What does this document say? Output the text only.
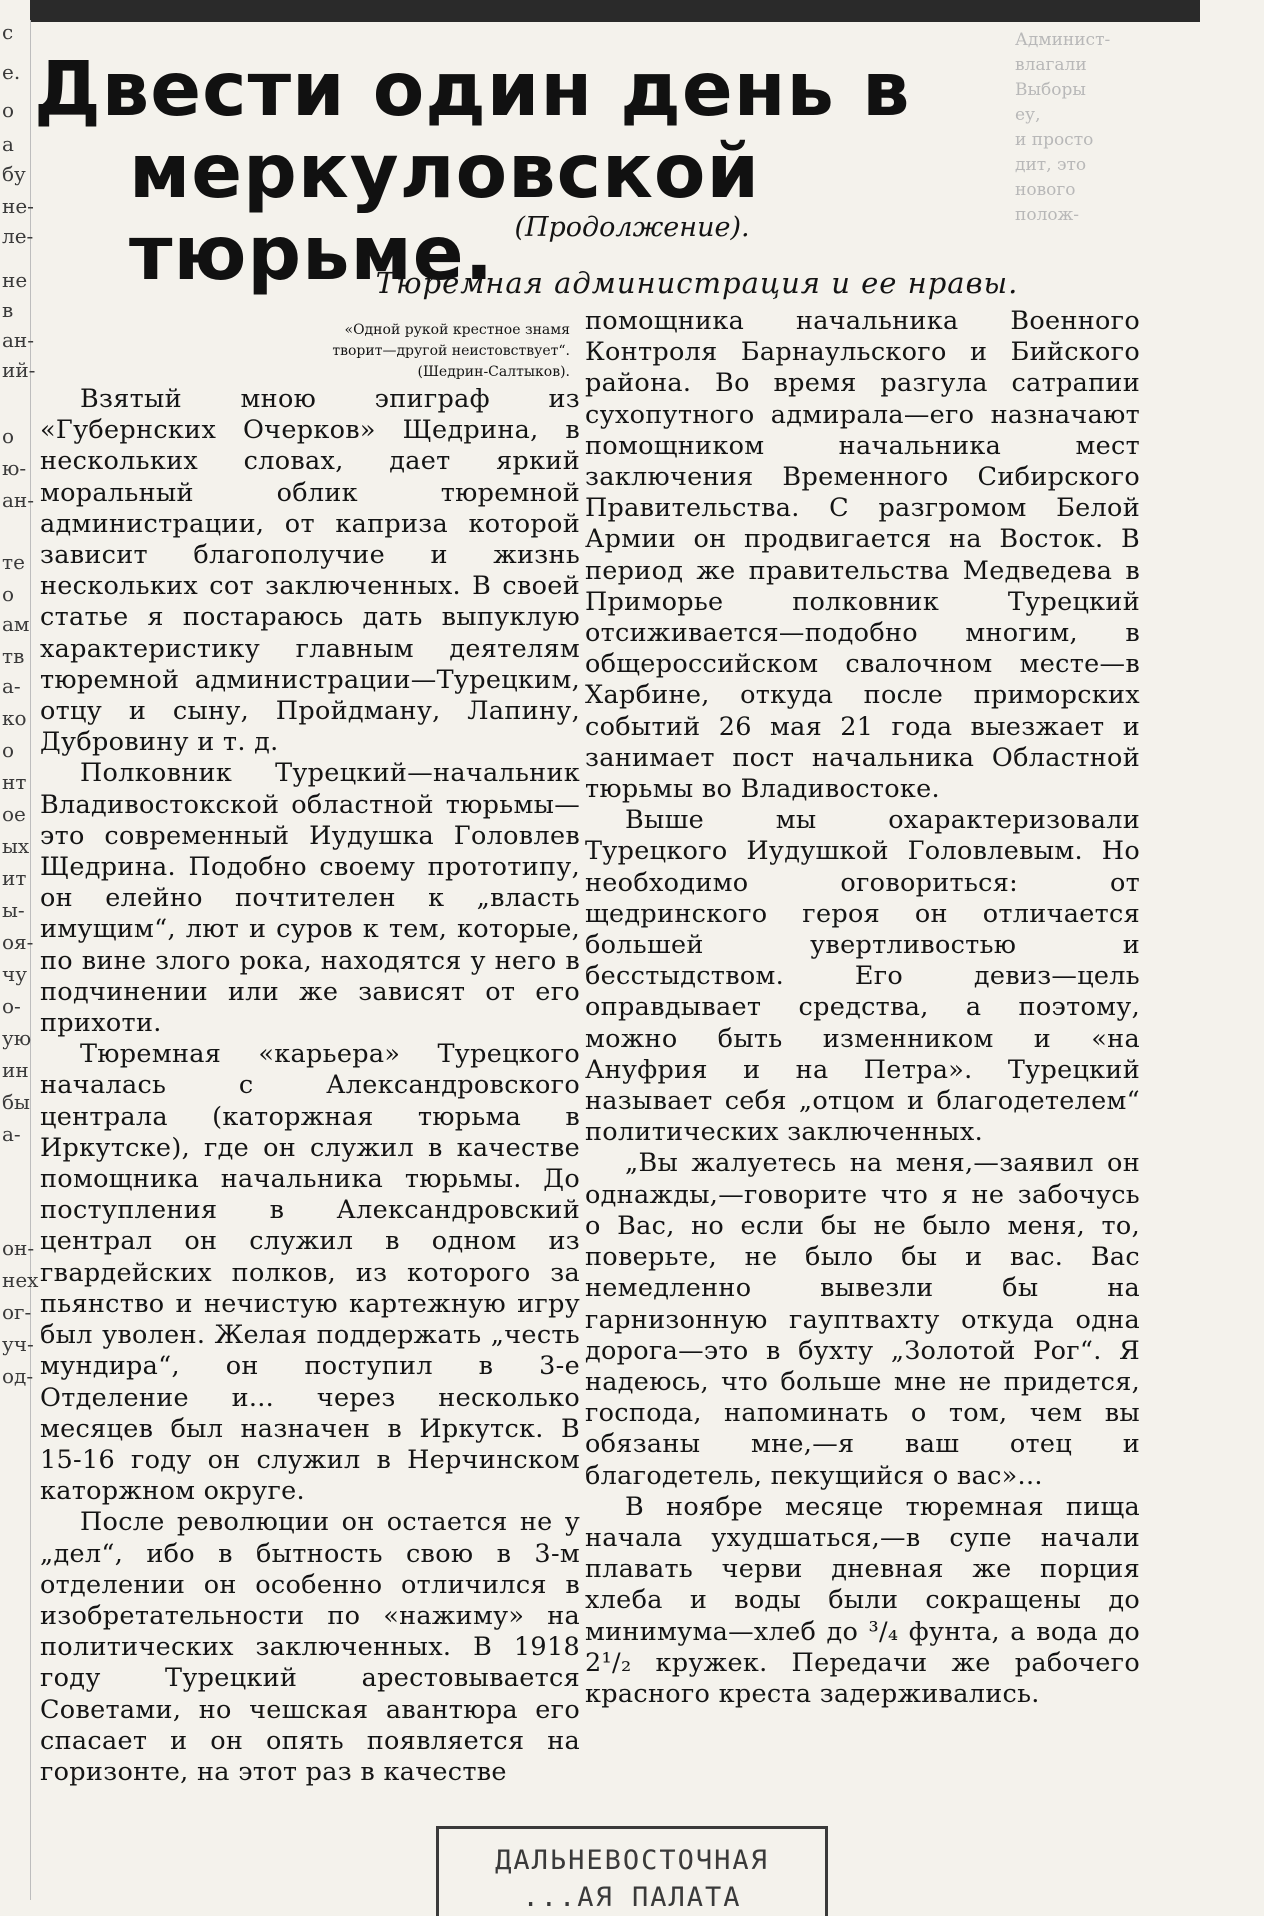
с
е.
о
а
бу
не-
ле-
не
в
ан-
ий-
о
ю-
ан-
те
о
ам
тв
а-
ко
о
нт
ое
ых
ит
ы-
оя-
чу
о-
ую
ин
бы
а-
он-
нех
ог-
уч-
од-
Админист-
влагали
Выборы
еу,
и просто
дит, это
нового
полож-
Двести один день в
меркуловской тюрьме. (Продолжение).
Тюремная администрация и ее нравы.
«Одной рукой крестное знамя
творит—другой неистовствует“.
(Шедрин-Салтыков).

Взятый мною эпиграф из «Губернских Очерков» Щедрина, в нескольких словах, дает яркий моральный облик тюремной администрации, от каприза которой зависит благополучие и жизнь нескольких сот заключенных. В своей статье я постараюсь дать выпуклую характеристику главным деятелям тюремной администрации—Турецким, отцу и сыну, Пройдману, Лапину, Дубровину и т. д.

Полковник Турецкий—начальник Владивостокской областной тюрьмы—это современный Иудушка Головлев Щедрина. Подобно своему прототипу, он елейно почтителен к „власть имущим“, лют и суров к тем, которые, по вине злого рока, находятся у него в подчинении или же зависят от его прихоти.

Тюремная «карьера» Турецкого началась с Александровского централа (каторжная тюрьма в Иркутске), где он служил в качестве помощника начальника тюрьмы. До поступления в Александровский централ он служил в одном из гвардейских полков, из которого за пьянство и нечистую картежную игру был уволен. Желая поддержать „честь мундира“, он поступил в 3-е Отделение и... через несколько месяцев был назначен в Иркутск. В 15-16 году он служил в Нерчинском каторжном округе.

После революции он остается не у „дел“, ибо в бытность свою в 3-м отделении он особенно отличился в изобретательности по «нажиму» на политических заключенных. В 1918 году Турецкий арестовывается Советами, но чешская авантюра его спасает и он опять появляется на горизонте, на этот раз в качестве

помощника начальника Военного Контроля Барнаульского и Бийского района. Во время разгула сатрапии сухопутного адмирала—его назначают помощником начальника мест заключения Временного Сибирского Правительства. С разгромом Белой Армии он продвигается на Восток. В период же правительства Медведева в Приморье полковник Турецкий отсиживается—подобно многим, в общероссийском свалочном месте—в Харбине, откуда после приморских событий 26 мая 21 года выезжает и занимает пост начальника Областной тюрьмы во Владивостоке.

Выше мы охарактеризовали Турецкого Иудушкой Головлевым. Но необходимо оговориться: от щедринского героя он отличается большей увертливостью и бесстыдством. Его девиз—цель оправдывает средства, а поэтому, можно быть изменником и «на Ануфрия и на Петра». Турецкий называет себя „отцом и благодетелем“ политических заключенных.

„Вы жалуетесь на меня,—заявил он однажды,—говорите что я не забочусь о Вас, но если бы не было меня, то, поверьте, не было бы и вас. Вас немедленно вывезли бы на гарнизонную гауптвахту откуда одна дорога—это в бухту „Золотой Рог“. Я надеюсь, что больше мне не придется, господа, напоминать о том, чем вы обязаны мне,—я ваш отец и благодетель, пекущийся о вас»...

В ноябре месяце тюремная пища начала ухудшаться,—в супе начали плавать черви дневная же порция хлеба и воды были сокращены до минимума—хлеб до ³/₄ фунта, а вода до 2¹/₂ кружек. Передачи же рабочего красного креста задерживались.

ДАЛЬНЕВОСТОЧНАЯ
...АЯ ПАЛАТА
